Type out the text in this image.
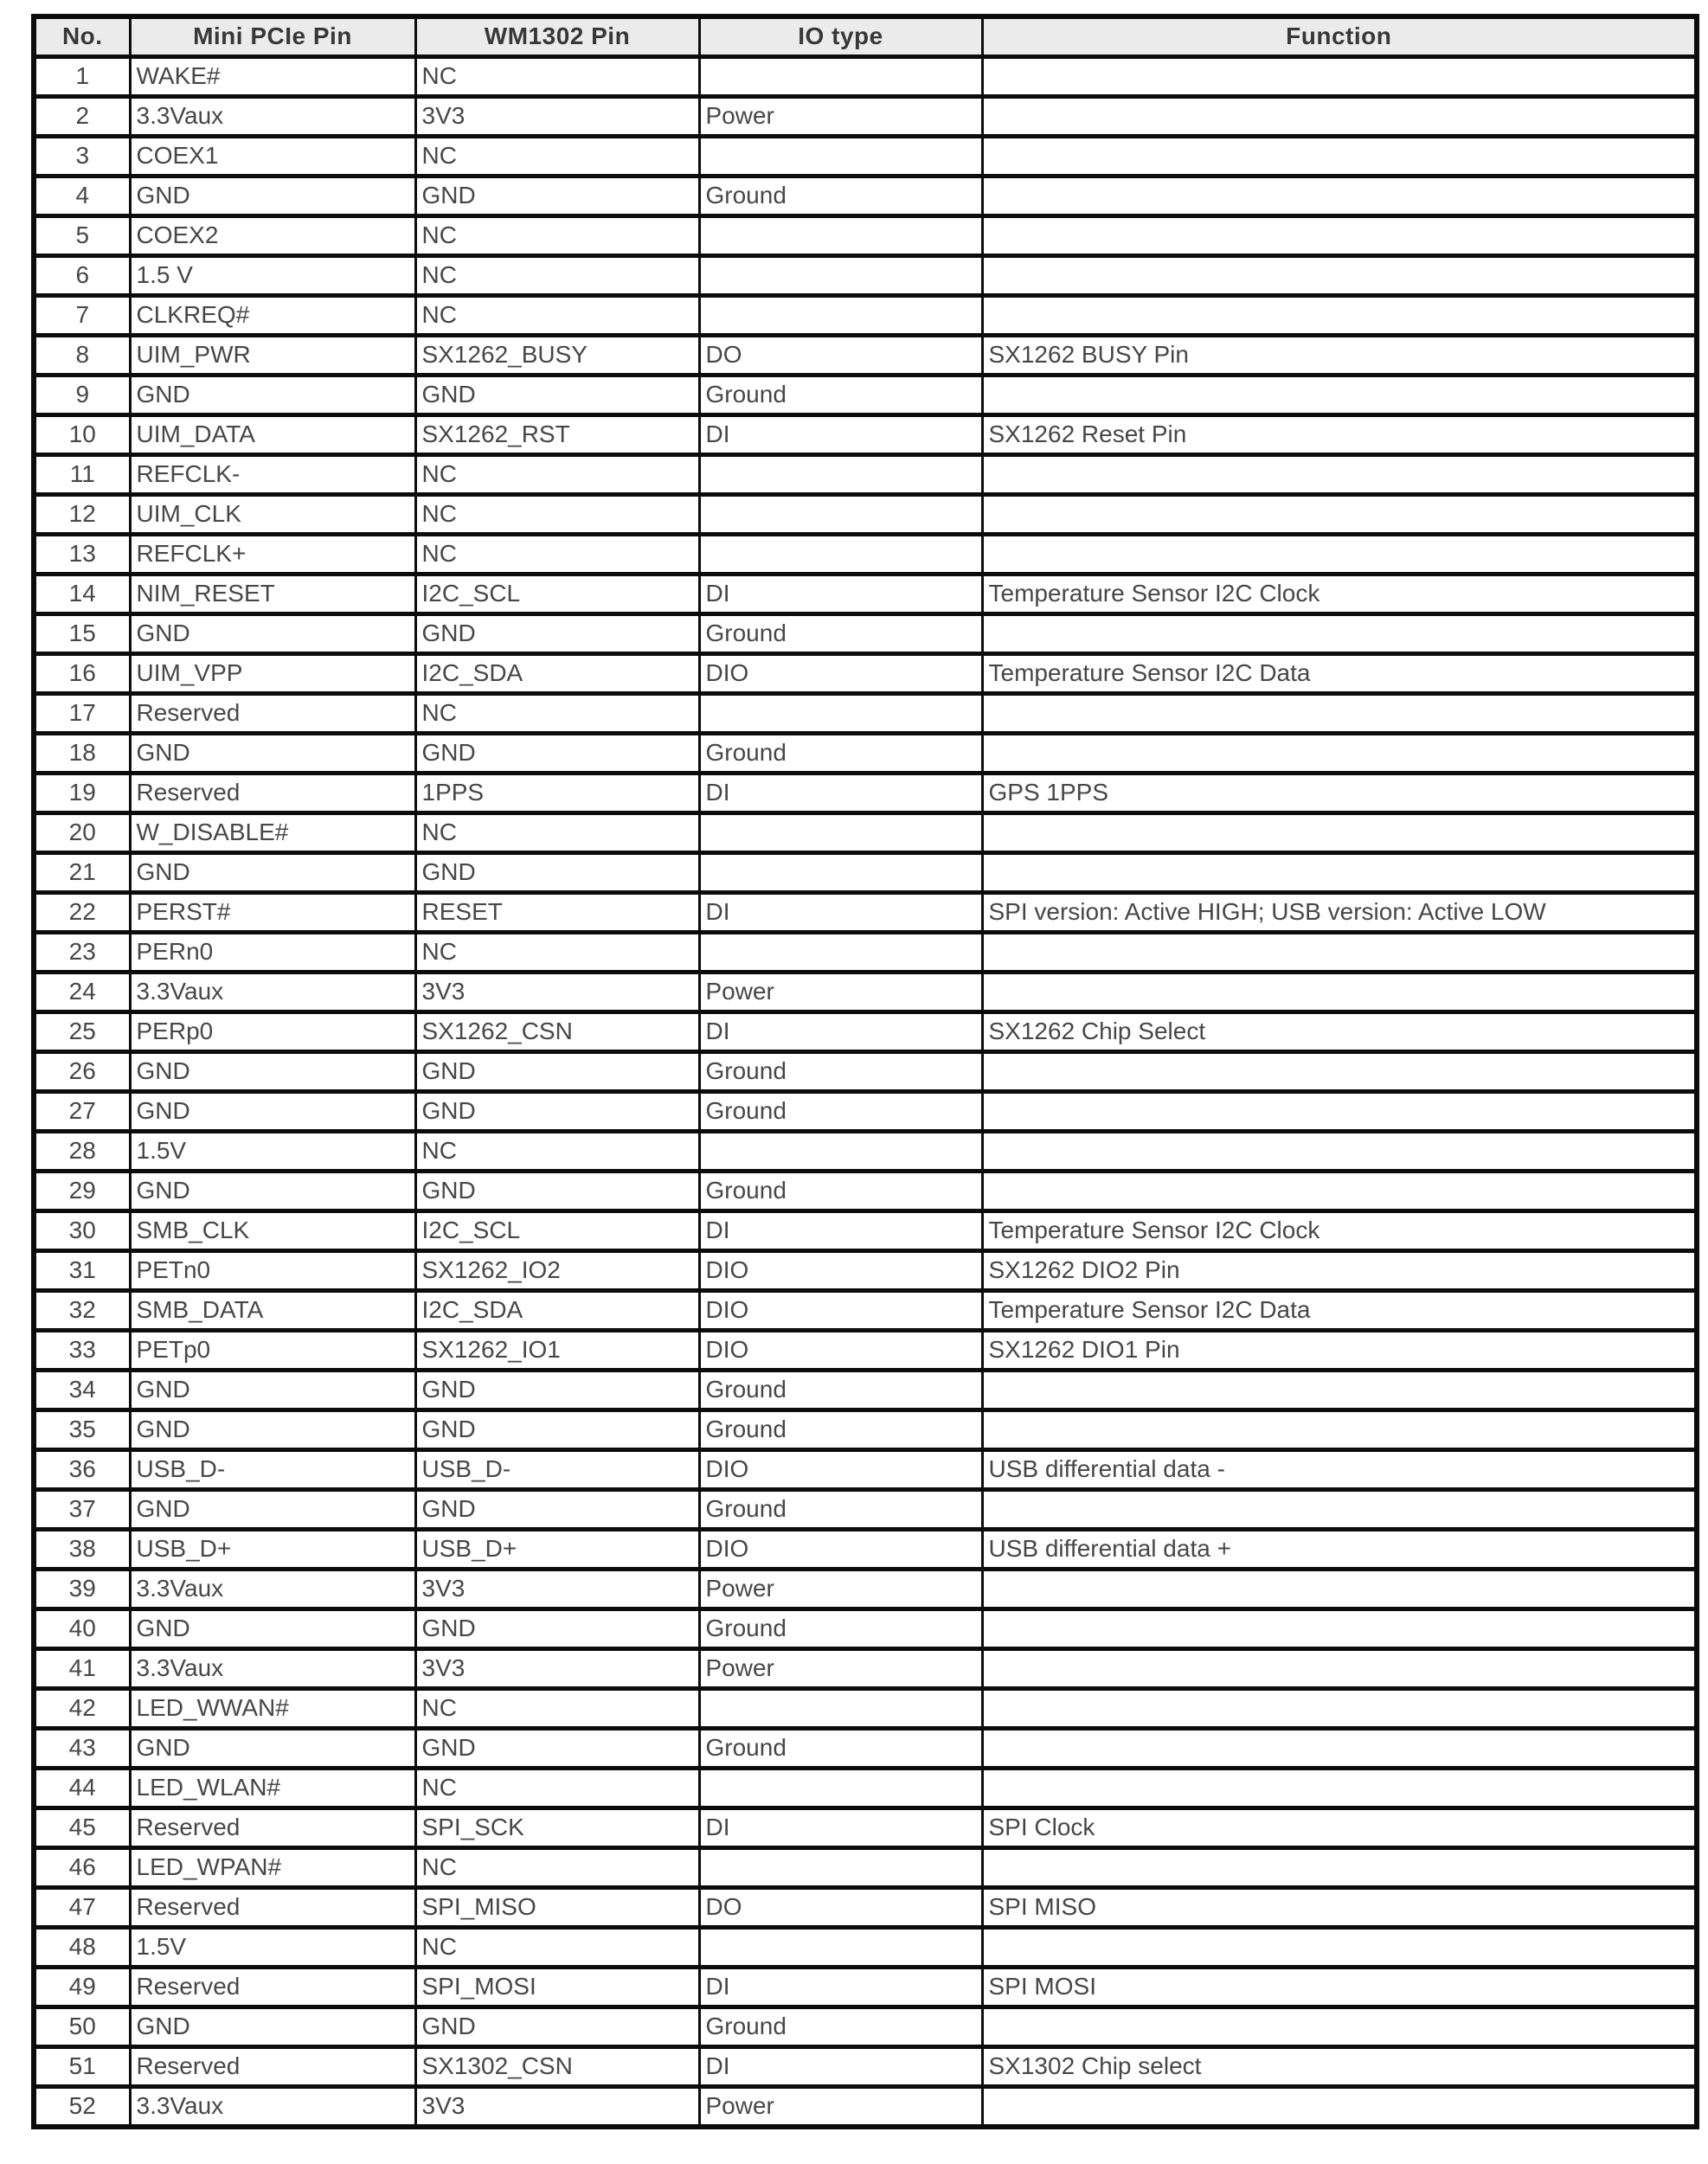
No.	Mini PCIe Pin	WM1302 Pin	IO type	Function
1	WAKE#	NC		
2	3.3Vaux	3V3	Power	
3	COEX1	NC		
4	GND	GND	Ground	
5	COEX2	NC		
6	1.5 V	NC		
7	CLKREQ#	NC		
8	UIM_PWR	SX1262_BUSY	DO	SX1262 BUSY Pin
9	GND	GND	Ground	
10	UIM_DATA	SX1262_RST	DI	SX1262 Reset Pin
11	REFCLK-	NC		
12	UIM_CLK	NC		
13	REFCLK+	NC		
14	NIM_RESET	I2C_SCL	DI	Temperature Sensor I2C Clock
15	GND	GND	Ground	
16	UIM_VPP	I2C_SDA	DIO	Temperature Sensor I2C Data
17	Reserved	NC		
18	GND	GND	Ground	
19	Reserved	1PPS	DI	GPS 1PPS
20	W_DISABLE#	NC		
21	GND	GND		
22	PERST#	RESET	DI	SPI version: Active HIGH; USB version: Active LOW
23	PERn0	NC		
24	3.3Vaux	3V3	Power	
25	PERp0	SX1262_CSN	DI	SX1262 Chip Select
26	GND	GND	Ground	
27	GND	GND	Ground	
28	1.5V	NC		
29	GND	GND	Ground	
30	SMB_CLK	I2C_SCL	DI	Temperature Sensor I2C Clock
31	PETn0	SX1262_IO2	DIO	SX1262 DIO2 Pin
32	SMB_DATA	I2C_SDA	DIO	Temperature Sensor I2C Data
33	PETp0	SX1262_IO1	DIO	SX1262 DIO1 Pin
34	GND	GND	Ground	
35	GND	GND	Ground	
36	USB_D-	USB_D-	DIO	USB differential data -
37	GND	GND	Ground	
38	USB_D+	USB_D+	DIO	USB differential data +
39	3.3Vaux	3V3	Power	
40	GND	GND	Ground	
41	3.3Vaux	3V3	Power	
42	LED_WWAN#	NC		
43	GND	GND	Ground	
44	LED_WLAN#	NC		
45	Reserved	SPI_SCK	DI	SPI Clock
46	LED_WPAN#	NC		
47	Reserved	SPI_MISO	DO	SPI MISO
48	1.5V	NC		
49	Reserved	SPI_MOSI	DI	SPI MOSI
50	GND	GND	Ground	
51	Reserved	SX1302_CSN	DI	SX1302 Chip select
52	3.3Vaux	3V3	Power	
